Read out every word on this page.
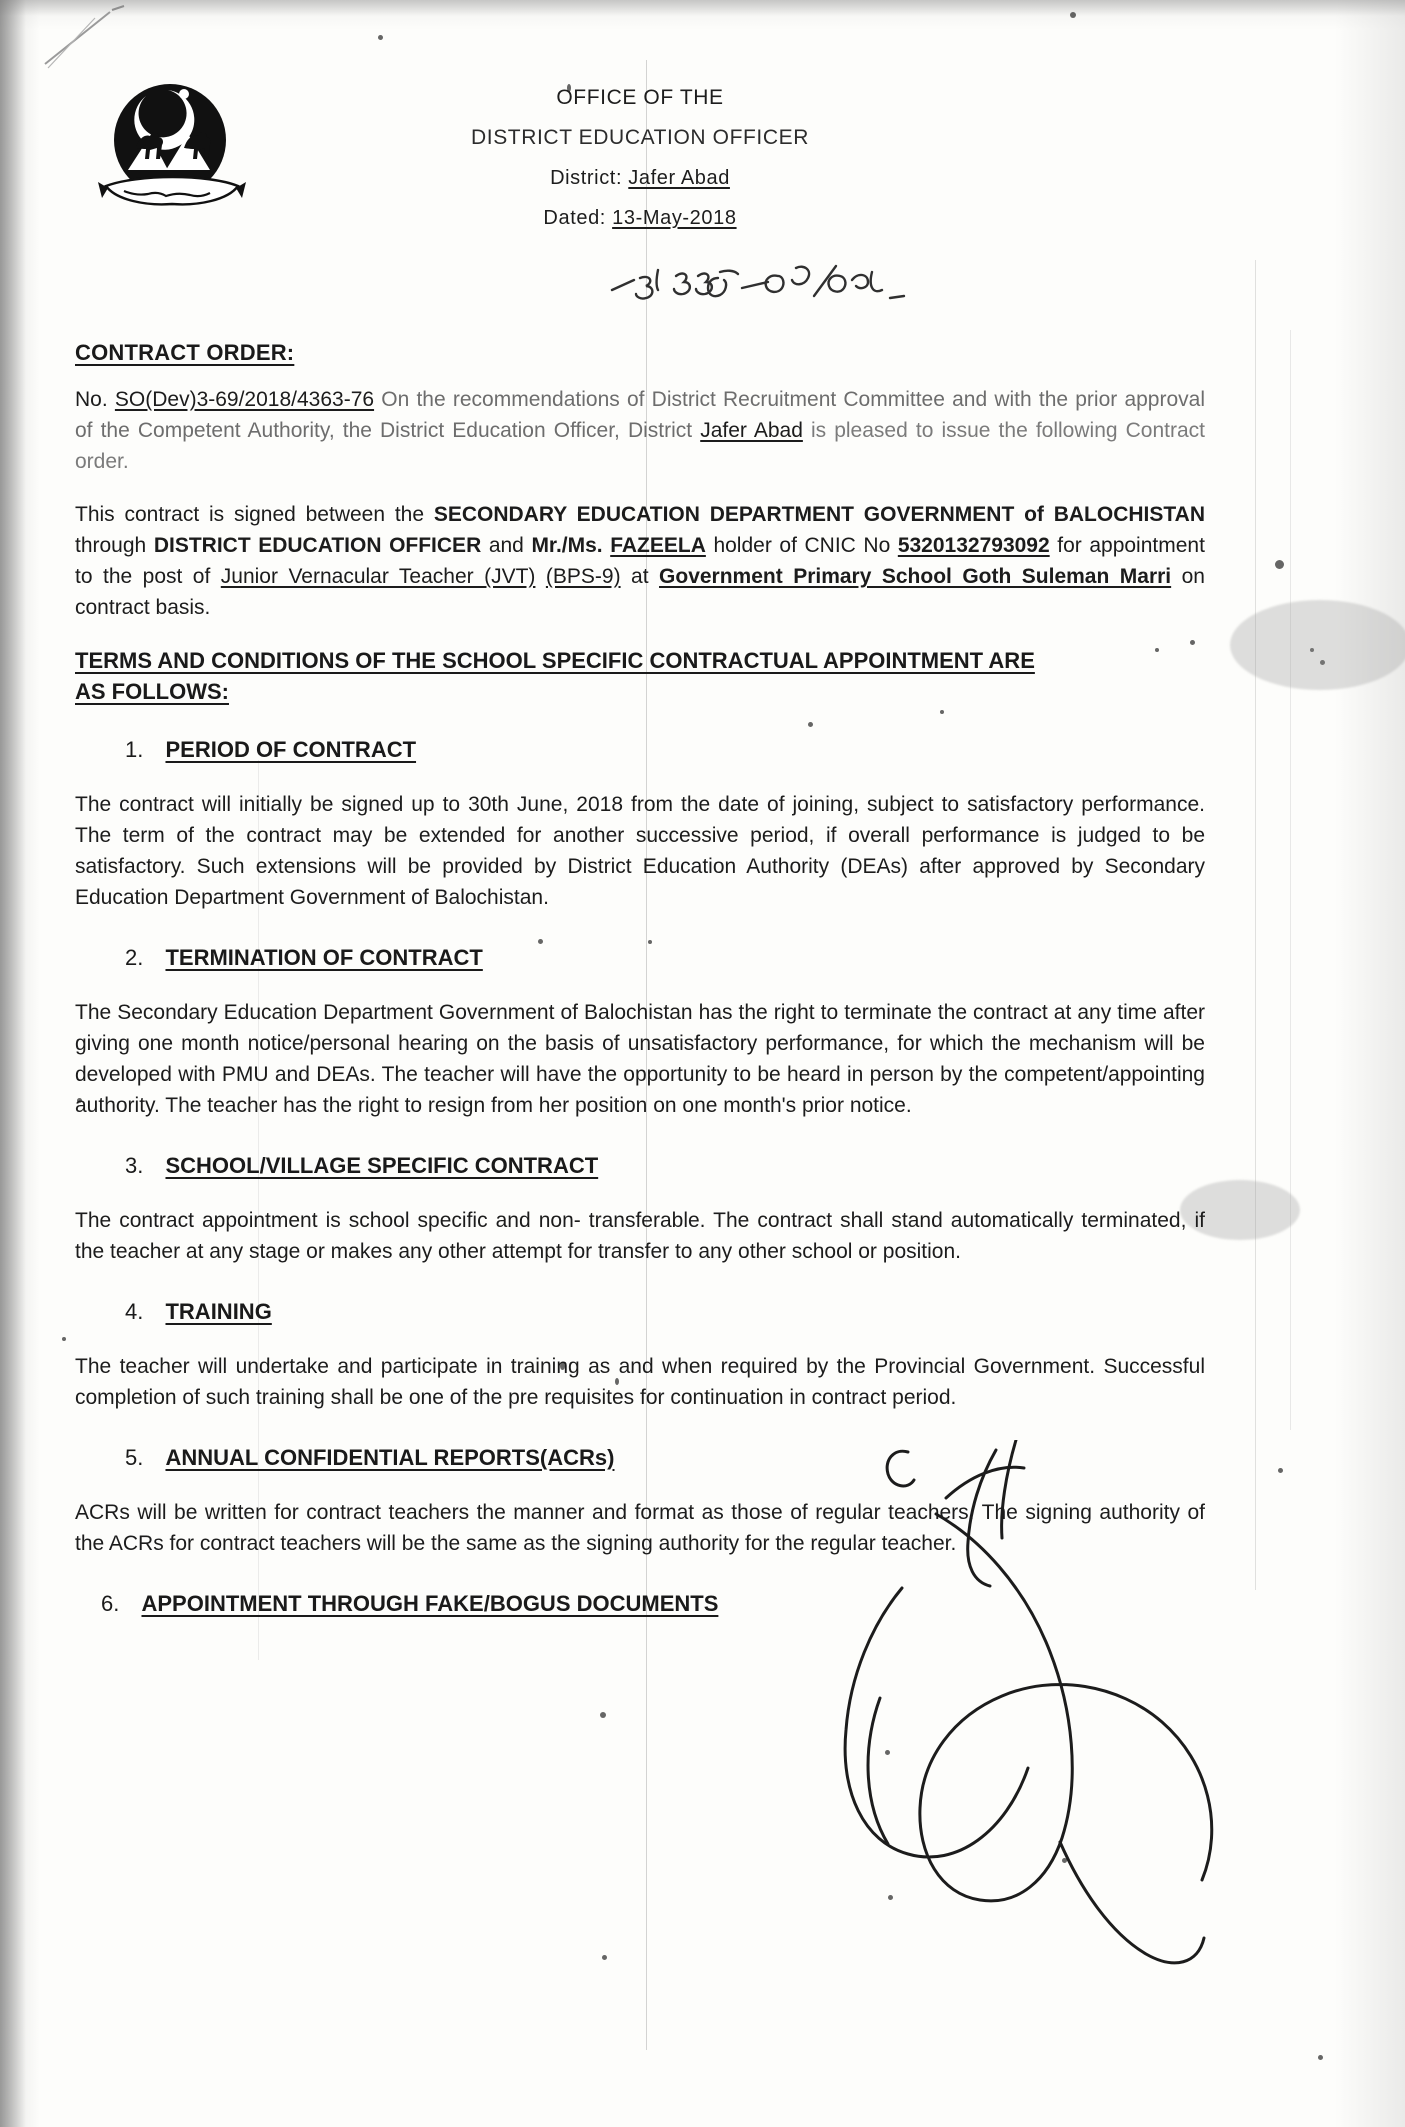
OFFICE OF THE
DISTRICT EDUCATION OFFICER
District: Jafer Abad
Dated: 13-May-2018
CONTRACT ORDER:

No. SO(Dev)3-69/2018/4363-76 On the recommendations of District Recruitment Committee and with the prior approval of the Competent Authority, the District Education Officer, District Jafer Abad is pleased to issue the following Contract order.

This contract is signed between the SECONDARY EDUCATION DEPARTMENT GOVERNMENT of BALOCHISTAN through DISTRICT EDUCATION OFFICER and Mr./Ms. FAZEELA holder of CNIC No 5320132793092 for appointment to the post of Junior Vernacular Teacher (JVT) (BPS-9) at Government Primary School Goth Suleman Marri on contract basis.

TERMS AND CONDITIONS OF THE SCHOOL SPECIFIC CONTRACTUAL APPOINTMENT ARE
AS FOLLOWS:
1. PERIOD OF CONTRACT

The contract will initially be signed up to 30th June, 2018 from the date of joining, subject to satisfactory performance. The term of the contract may be extended for another successive period, if overall performance is judged to be satisfactory. Such extensions will be provided by District Education Authority (DEAs) after approved by Secondary Education Department Government of Balochistan.

2. TERMINATION OF CONTRACT

The Secondary Education Department Government of Balochistan has the right to terminate the contract at any time after giving one month notice/personal hearing on the basis of unsatisfactory performance, for which the mechanism will be developed with PMU and DEAs. The teacher will have the opportunity to be heard in person by the competent/appointing authority. The teacher has the right to resign from her position on one month's prior notice.

3. SCHOOL/VILLAGE SPECIFIC CONTRACT

The contract appointment is school specific and non- transferable. The contract shall stand automatically terminated, if the teacher at any stage or makes any other attempt for transfer to any other school or position.

4. TRAINING

The teacher will undertake and participate in training as and when required by the Provincial Government. Successful completion of such training shall be one of the pre requisites for continuation in contract period.

5. ANNUAL CONFIDENTIAL REPORTS(ACRs)

ACRs will be written for contract teachers the manner and format as those of regular teachers. The signing authority of the ACRs for contract teachers will be the same as the signing authority for the regular teacher.

6. APPOINTMENT THROUGH FAKE/BOGUS DOCUMENTS
